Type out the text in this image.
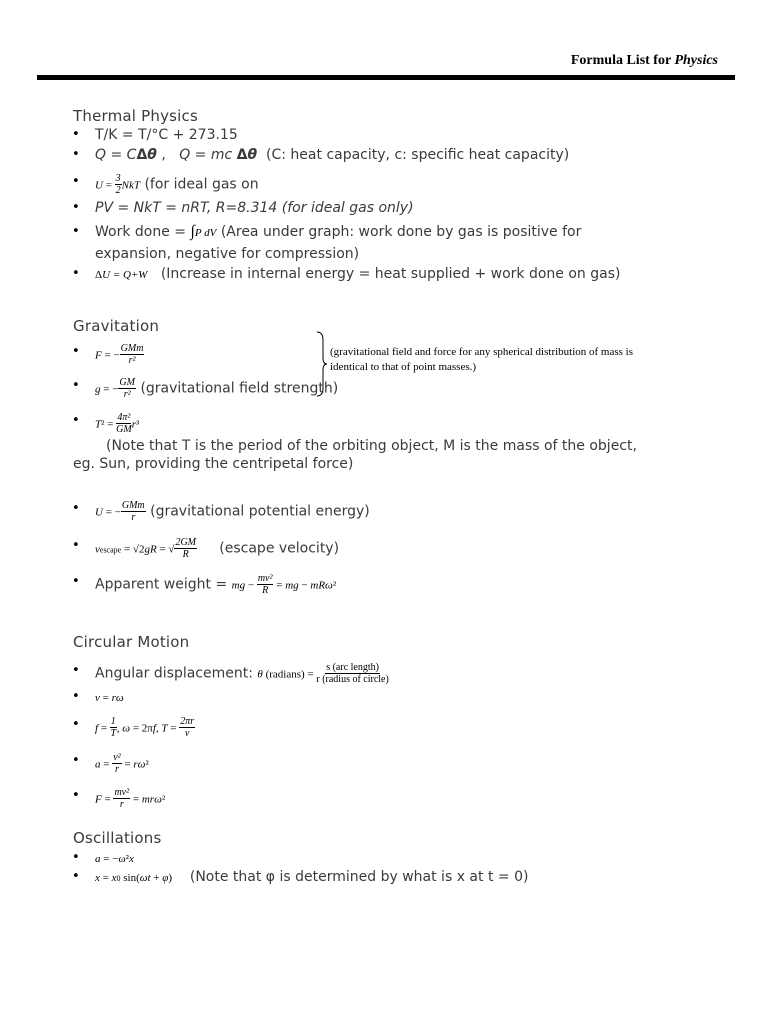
Formula List for Physics
Thermal Physics
• T/K = T/°C + 273.15
• Q = CΔθ ,   Q = mc Δθ (C: heat capacity, c: specific heat capacity)
• $U = \frac{3}{2}$ NkT (for ideal gas on
• PV = NkT = nRT, R=8.314 (for ideal gas only)
• Work done = ∫P dV (Area under graph: work done by gas is positive for
expansion, negative for compression)
• ΔU = Q+W (Increase in internal energy = heat supplied + work done on gas)
Gravitation
(gravitational field and force for any spherical distribution of mass is identical to that of point masses.)
• F = − $\frac{\text{GMm}}{\text{r²}}$
• g = − $\frac{GM}{\text{r²}}$ (gravitational field strength)
• $T^2 = \frac{\text{4π²}}{GM} r^3$
(Note that T is the period of the orbiting object, M is the mass of the object,
eg. Sun, providing the centripetal force)
• U = − $\frac{\text{GMm}}{r}$ (gravitational potential energy)
• vescape = √2gR = √ $\frac{2GM}{R}$ (escape velocity)
• Apparent weight = mg − $\frac{\text{mv²}}{R}$ = mg − mRω²
Circular Motion
• Angular displacement: θ (radians) = $\frac{\text{s (arc length)}}{\text{r (radius of circle)}}$
• v = rω
• $f = \frac{1}{T}$ , ω = 2πf, $T = \frac{2\pi r}{v}$
• $a = \frac{\text{v²}}{r} = r\omega^2$
• $F = \frac{\text{mv²}}{r} = mr\omega^2$
Oscillations
• a = −ω²x
• x = x0 sin(ωt + φ) (Note that φ is determined by what is x at t = 0)
